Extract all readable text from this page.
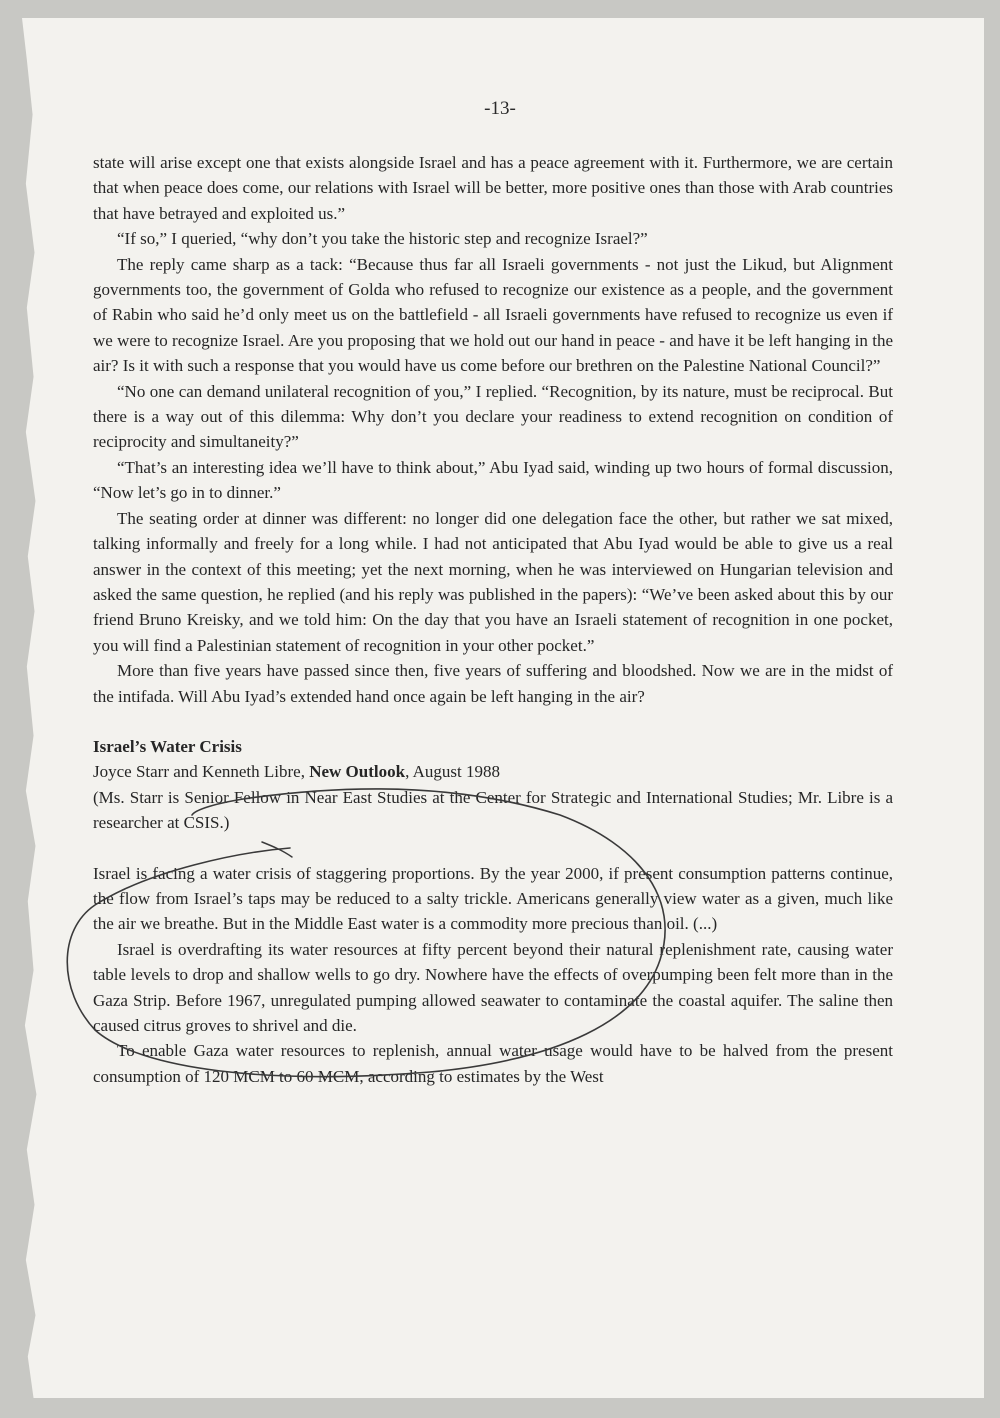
-13-

state will arise except one that exists alongside Israel and has a peace agreement with it. Furthermore, we are certain that when peace does come, our relations with Israel will be better, more positive ones than those with Arab countries that have betrayed and exploited us.”

“If so,” I queried, “why don’t you take the historic step and recognize Israel?”

The reply came sharp as a tack: “Because thus far all Israeli governments - not just the Likud, but Alignment governments too, the government of Golda who refused to recognize our existence as a people, and the government of Rabin who said he’d only meet us on the battlefield - all Israeli governments have refused to recognize us even if we were to recognize Israel. Are you proposing that we hold out our hand in peace - and have it be left hanging in the air? Is it with such a response that you would have us come before our brethren on the Palestine National Council?”

“No one can demand unilateral recognition of you,” I replied. “Recognition, by its nature, must be reciprocal. But there is a way out of this dilemma: Why don’t you declare your readiness to extend recognition on condition of reciprocity and simultaneity?”

“That’s an interesting idea we’ll have to think about,” Abu Iyad said, winding up two hours of formal discussion, “Now let’s go in to dinner.”

The seating order at dinner was different: no longer did one delegation face the other, but rather we sat mixed, talking informally and freely for a long while. I had not anticipated that Abu Iyad would be able to give us a real answer in the context of this meeting; yet the next morning, when he was interviewed on Hungarian television and asked the same question, he replied (and his reply was published in the papers): “We’ve been asked about this by our friend Bruno Kreisky, and we told him: On the day that you have an Israeli statement of recognition in one pocket, you will find a Palestinian statement of recognition in your other pocket.”

More than five years have passed since then, five years of suffering and bloodshed. Now we are in the midst of the intifada. Will Abu Iyad’s extended hand once again be left hanging in the air?

Israel’s Water Crisis

Joyce Starr and Kenneth Libre, New Outlook, August 1988

(Ms. Starr is Senior Fellow in Near East Studies at the Center for Strategic and International Studies; Mr. Libre is a researcher at CSIS.)

Israel is facing a water crisis of staggering proportions. By the year 2000, if present consumption patterns continue, the flow from Israel’s taps may be reduced to a salty trickle. Americans generally view water as a given, much like the air we breathe. But in the Middle East water is a commodity more precious than oil. (...)

Israel is overdrafting its water resources at fifty percent beyond their natural replenishment rate, causing water table levels to drop and shallow wells to go dry. Nowhere have the effects of overpumping been felt more than in the Gaza Strip. Before 1967, unregulated pumping allowed seawater to contaminate the coastal aquifer. The saline then caused citrus groves to shrivel and die.

To enable Gaza water resources to replenish, annual water usage would have to be halved from the present consumption of 120 MCM to 60 MCM, according to estimates by the West
